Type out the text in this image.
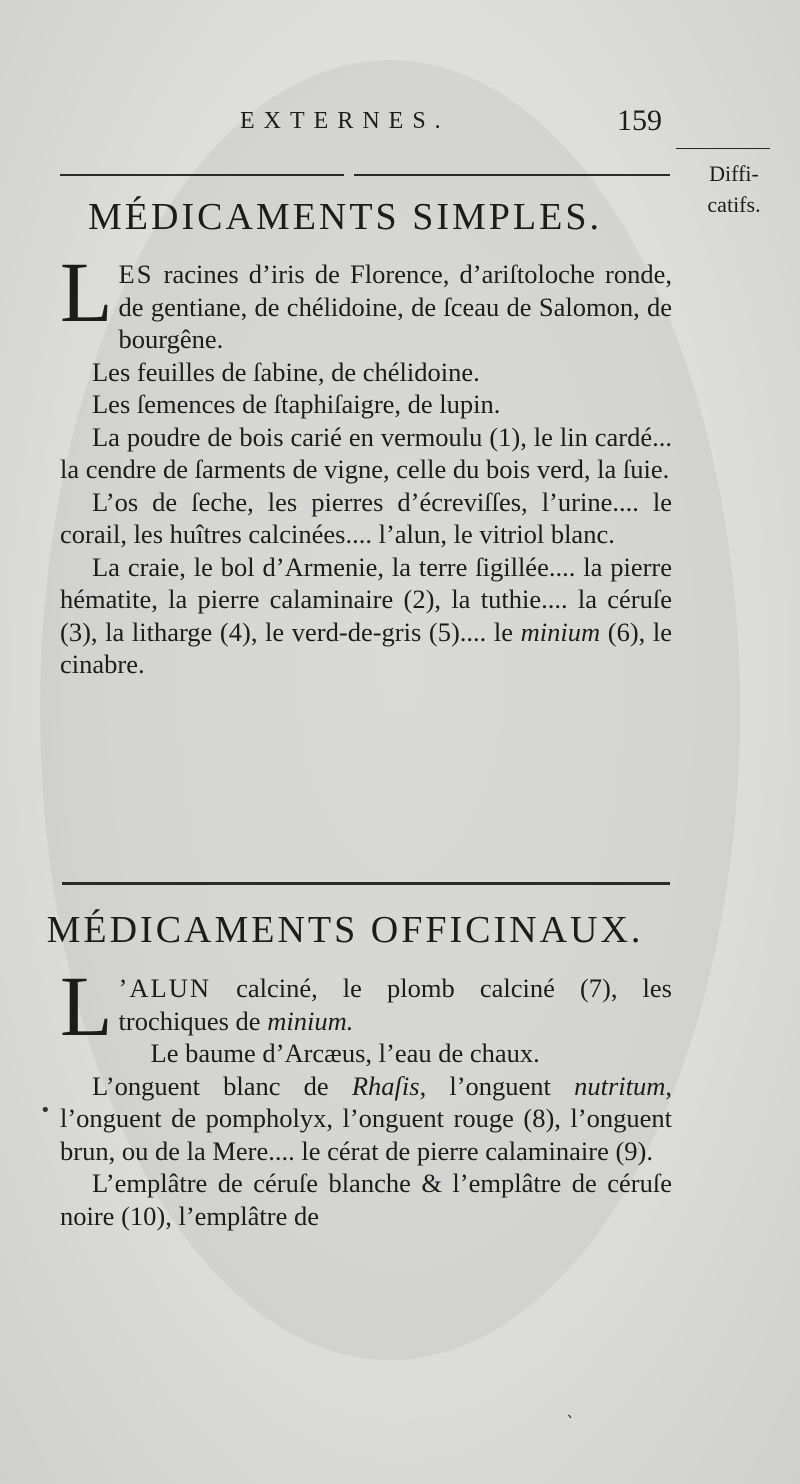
EXTERNES.	159
Diffi-
catifs.
MÉDICAMENTS SIMPLES.

L ES racines d’iris de Florence, d’ariſtoloche ronde, de gentiane, de chélidoine, de ſceau de Salomon, de bourgêne.

Les feuilles de ſabine, de chélidoine.

Les ſemences de ſtaphiſaigre, de lupin.

La poudre de bois carié en vermoulu (1), le lin cardé... la cendre de ſarments de vigne, celle du bois verd, la ſuie.

L’os de ſeche, les pierres d’écreviſſes, l’urine.... le corail, les huîtres calcinées.... l’alun, le vitriol blanc.

La craie, le bol d’Armenie, la terre ſigillée.... la pierre hématite, la pierre calaminaire (2), la tuthie.... la céruſe (3), la litharge (4), le verd-de-gris (5).... le minium (6), le cinabre.

MÉDICAMENTS OFFICINAUX.

L ’ALUN calciné, le plomb calciné (7), les trochiques de minium.

Le baume d’Arcæus, l’eau de chaux.

L’onguent blanc de Rhaſis, l’onguent nutritum, l’onguent de pompholyx, l’onguent rouge (8), l’onguent brun, ou de la Mere.... le cérat de pierre calaminaire (9).

L’emplâtre de céruſe blanche & l’emplâtre de céruſe noire (10), l’emplâtre de

•
ˎ
